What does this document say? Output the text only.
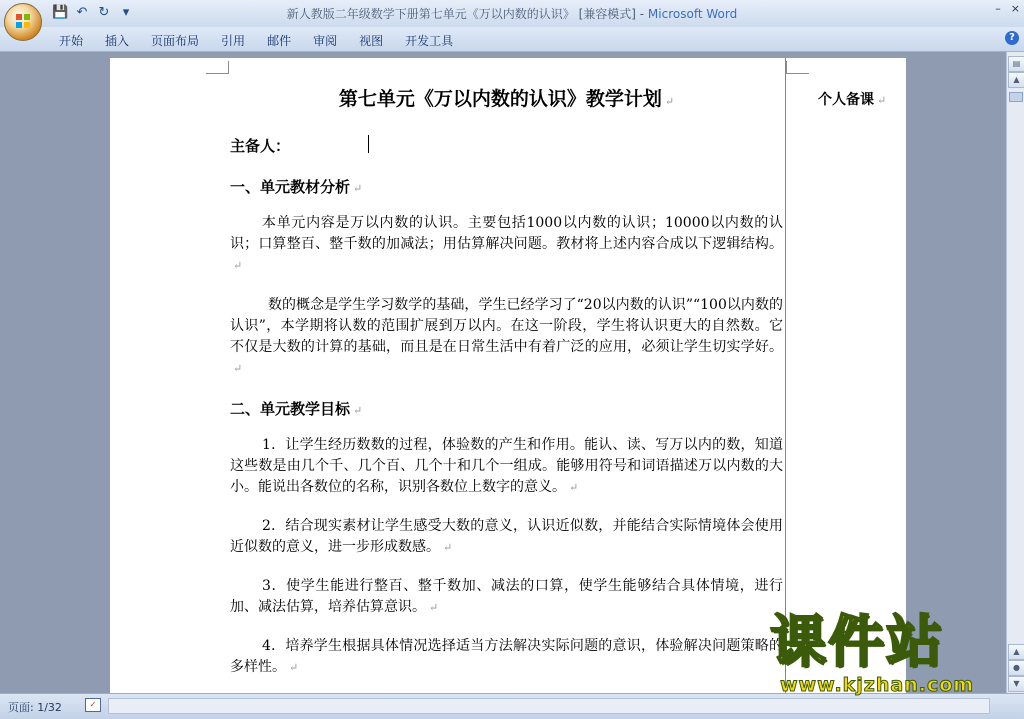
💾 ↶ ↻	▾	新人教版二年级数学下册第七单元《万以内数的认识》 [兼容模式] - Microsoft Word	– ×
开始	插入	页面布局	引用	邮件	审阅	视图	开发工具	?
第七单元《万以内数的认识》教学计划 ↵
主备人：
一、单元教材分析 ↵
本单元内容是万以内数的认识。主要包括1000以内数的认识；10000以内数的认识；口算整百、整千数的加减法；用估算解决问题。教材将上述内容合成以下逻辑结构。↵
数的概念是学生学习数学的基础，学生已经学习了“20以内数的认识”“100以内数的认识”，本学期将认数的范围扩展到万以内。在这一阶段，学生将认识更大的自然数。它不仅是大数的计算的基础，而且是在日常生活中有着广泛的应用，必须让学生切实学好。↵
二、单元教学目标 ↵
1．让学生经历数数的过程，体验数的产生和作用。能认、读、写万以内的数，知道这些数是由几个千、几个百、几个十和几个一组成。能够用符号和词语描述万以内数的大小。能说出各数位的名称，识别各数位上数字的意义。 ↵
2．结合现实素材让学生感受大数的意义，认识近似数，并能结合实际情境体会使用近似数的意义，进一步形成数感。 ↵
3．使学生能进行整百、整千数加、减法的口算，使学生能够结合具体情境，进行加、减法估算，培养估算意识。 ↵
4．培养学生根据具体情况选择适当方法解决实际问题的意识，体验解决问题策略的多样性。 ↵
个人备课 ↵
▤
▲
▲
●
▼
页面: 1/32	✓
课件站
www.kjzhan.com
